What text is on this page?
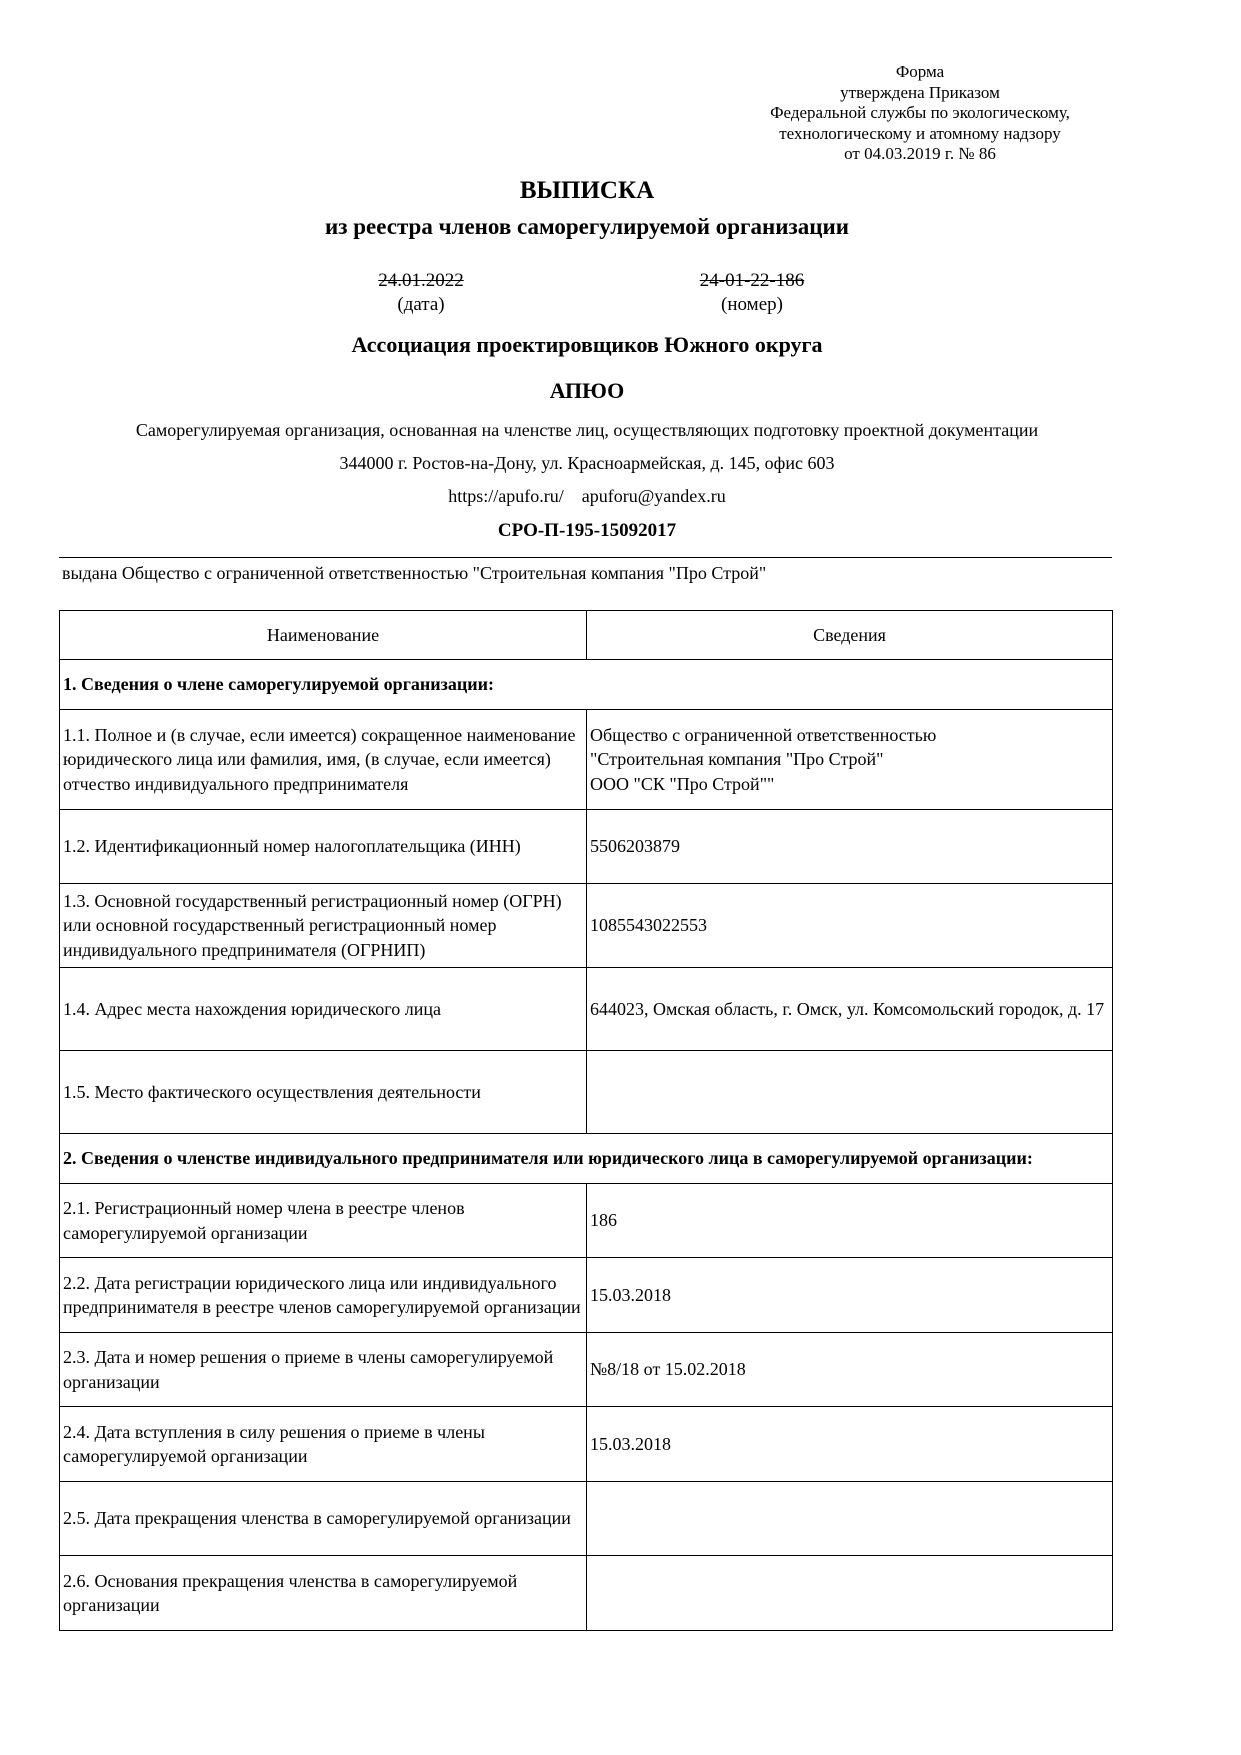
Форма
утверждена Приказом
Федеральной службы по экологическому,
технологическому и атомному надзору
от 04.03.2019 г. № 86
ВЫПИСКА
из реестра членов саморегулируемой организации
24.01.2022
(дата)
24-01-22-186
(номер)
Ассоциация проектировщиков Южного округа
АПЮО
Саморегулируемая организация, основанная на членстве лиц, осуществляющих подготовку проектной документации
344000 г. Ростов-на-Дону, ул. Красноармейская, д. 145, офис 603
https://apufo.ru/ apuforu@yandex.ru
СРО-П-195-15092017
выдана Общество с ограниченной ответственностью "Строительная компания "Про Строй"
Наименование	Сведения
1. Сведения о члене саморегулируемой организации:	
1.1. Полное и (в случае, если имеется) сокращенное наименование юридического лица или фамилия, имя, (в случае, если имеется) отчество индивидуального предпринимателя	Общество с ограниченной ответственностью
"Строительная компания "Про Строй"
ООО "СК "Про Строй""

1.2. Идентификационный номер налогоплательщика (ИНН)	5506203879
1.3. Основной государственный регистрационный номер (ОГРН) или основной государственный регистрационный номер индивидуального предпринимателя (ОГРНИП)	1085543022553
1.4. Адрес места нахождения юридического лица	644023, Омская область, г. Омск, ул. Комсомольский городок, д. 17
1.5. Место фактического осуществления деятельности	
2. Сведения о членстве индивидуального предпринимателя или юридического лица в саморегулируемой организации:	
2.1. Регистрационный номер члена в реестре членов саморегулируемой организации	186
2.2. Дата регистрации юридического лица или индивидуального предпринимателя в реестре членов саморегулируемой организации	15.03.2018
2.3. Дата и номер решения о приеме в члены саморегулируемой организации	№8/18 от 15.02.2018
2.4. Дата вступления в силу решения о приеме в члены саморегулируемой организации	15.03.2018
2.5. Дата прекращения членства в саморегулируемой организации	
2.6. Основания прекращения членства в саморегулируемой организации	
